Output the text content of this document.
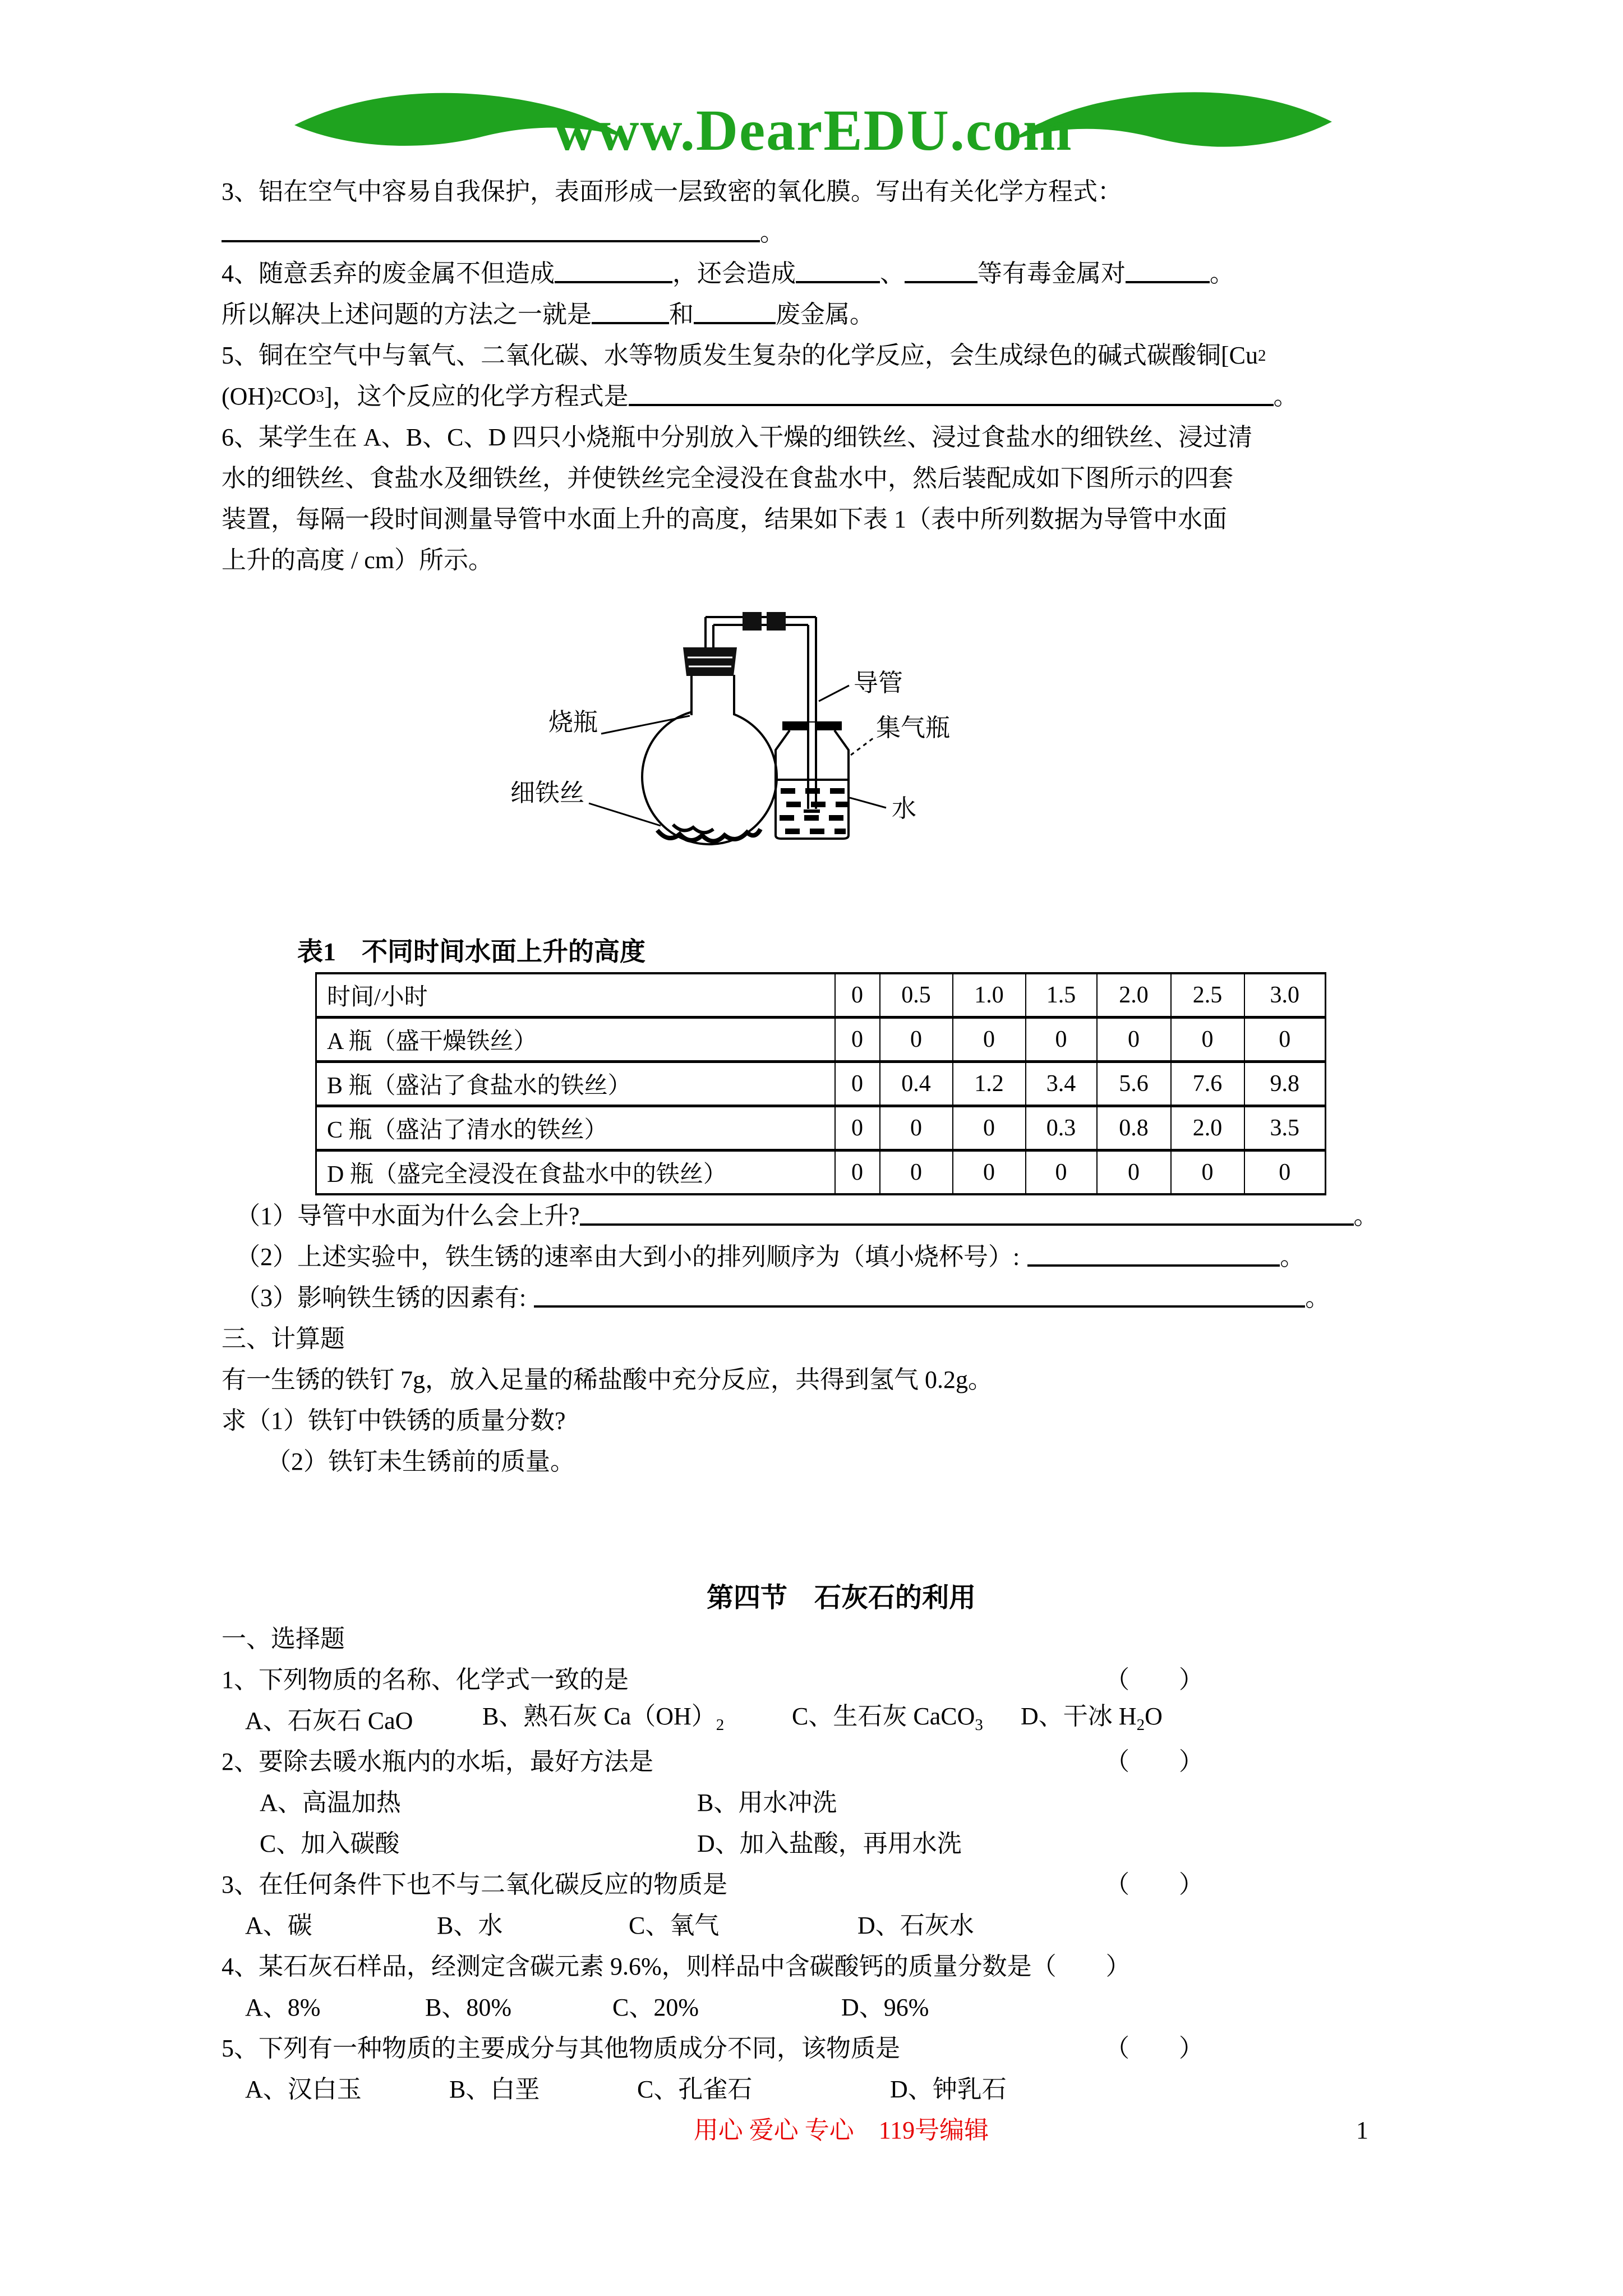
www.DearEDU.com
3、铝在空气中容易自我保护，表面形成一层致密的氧化膜。写出有关化学方程式：
。
4、随意丢弃的废金属不但造成	，还会造成	、	等有毒金属对	。
所以解决上述问题的方法之一就是	和	废金属。
5、铜在空气中与氧气、二氧化碳、水等物质发生复杂的化学反应，会生成绿色的碱式碳酸铜[Cu 2
(OH) 2 CO 3 ]，这个反应的化学方程式是	。
6、某学生在 A、B、C、D 四只小烧瓶中分别放入干燥的细铁丝、浸过食盐水的细铁丝、浸过清
水的细铁丝、食盐水及细铁丝，并使铁丝完全浸没在食盐水中，然后装配成如下图所示的四套
装置，每隔一段时间测量导管中水面上升的高度，结果如下表 1（表中所列数据为导管中水面
上升的高度 / cm）所示。
烧瓶
细铁丝
导管
集气瓶
水
表1　不同时间水面上升的高度
时间/小时	0	0.5	1.0	1.5	2.0	2.5	3.0
A 瓶（盛干燥铁丝）	0	0	0	0	0	0	0
B 瓶（盛沾了食盐水的铁丝）	0	0.4	1.2	3.4	5.6	7.6	9.8
C 瓶（盛沾了清水的铁丝）	0	0	0	0.3	0.8	2.0	3.5
D 瓶（盛完全浸没在食盐水中的铁丝）	0	0	0	0	0	0	0
（1）导管中水面为什么会上升?	。
（2）上述实验中，铁生锈的速率由大到小的排列顺序为（填小烧杯号）:	。
（3）影响铁生锈的因素有:	。
三、计算题
有一生锈的铁钉 7g，放入足量的稀盐酸中充分反应，共得到氢气 0.2g。
求（1）铁钉中铁锈的质量分数?
（2）铁钉未生锈前的质量。
第四节　石灰石的利用
一、选择题
1、下列物质的名称、化学式一致的是	（　　）
A、石灰石 CaO	B、熟石灰 $Ca(OH)_2$	C、生石灰 CaCO$_3$	D、干冰 $H_2O$
2、要除去暖水瓶内的水垢，最好方法是	（　　）
A、高温加热	B、用水冲洗
C、加入碳酸	D、加入盐酸，再用水洗
3、在任何条件下也不与二氧化碳反应的物质是	（　　）
A、碳	B、水	C、氧气	D、石灰水
4、某石灰石样品，经测定含碳元素 9.6%，则样品中含碳酸钙的质量分数是 （　　）
A、8%	B、80%	C、20%	D、96%
5、下列有一种物质的主要成分与其他物质成分不同，该物质是	（　　）
A、汉白玉	B、白垩	C、孔雀石	D、钟乳石
用心 爱心 专心　119号编辑	1
